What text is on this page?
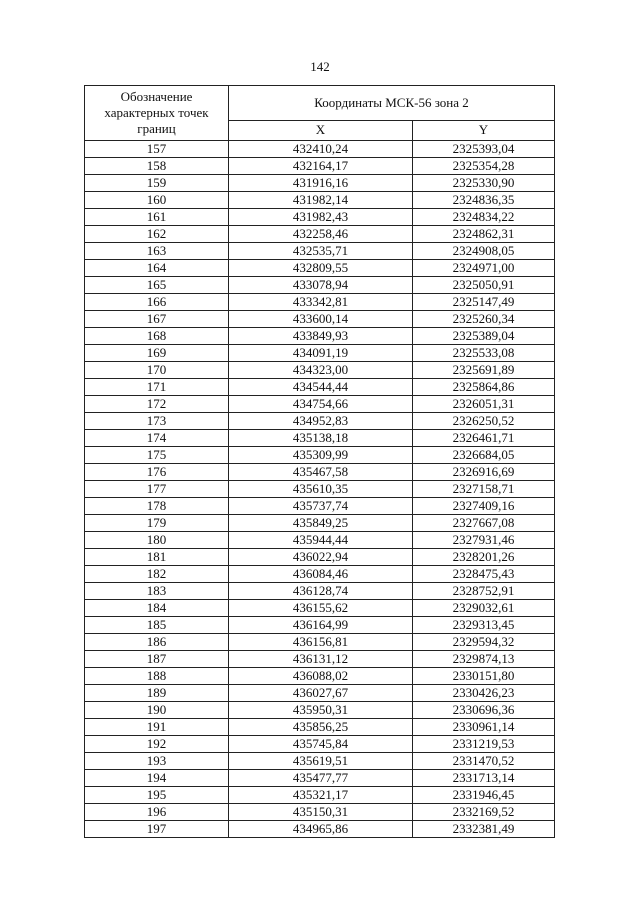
142
Обозначение характерных точек границ	Координаты МСК-56 зона 2	
	X	Y
157	432410,24	2325393,04
158	432164,17	2325354,28
159	431916,16	2325330,90
160	431982,14	2324836,35
161	431982,43	2324834,22
162	432258,46	2324862,31
163	432535,71	2324908,05
164	432809,55	2324971,00
165	433078,94	2325050,91
166	433342,81	2325147,49
167	433600,14	2325260,34
168	433849,93	2325389,04
169	434091,19	2325533,08
170	434323,00	2325691,89
171	434544,44	2325864,86
172	434754,66	2326051,31
173	434952,83	2326250,52
174	435138,18	2326461,71
175	435309,99	2326684,05
176	435467,58	2326916,69
177	435610,35	2327158,71
178	435737,74	2327409,16
179	435849,25	2327667,08
180	435944,44	2327931,46
181	436022,94	2328201,26
182	436084,46	2328475,43
183	436128,74	2328752,91
184	436155,62	2329032,61
185	436164,99	2329313,45
186	436156,81	2329594,32
187	436131,12	2329874,13
188	436088,02	2330151,80
189	436027,67	2330426,23
190	435950,31	2330696,36
191	435856,25	2330961,14
192	435745,84	2331219,53
193	435619,51	2331470,52
194	435477,77	2331713,14
195	435321,17	2331946,45
196	435150,31	2332169,52
197	434965,86	2332381,49
